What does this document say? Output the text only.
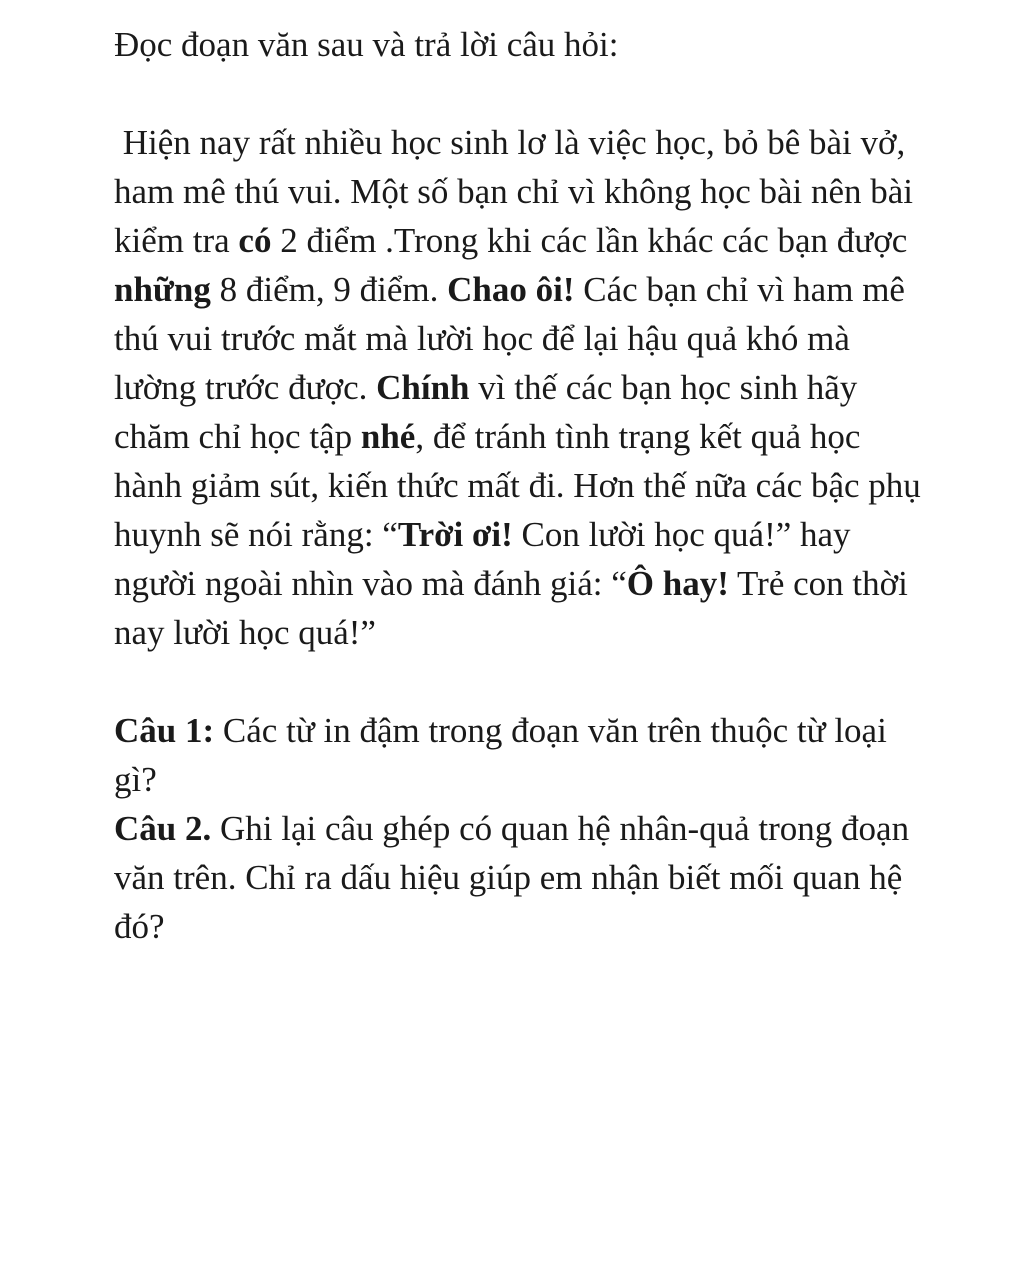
Đọc đoạn văn sau và trả lời câu hỏi:

Hiện nay rất nhiều học sinh lơ là việc học, bỏ bê bài vở, ham mê thú vui. Một số bạn chỉ vì không học bài nên bài kiểm tra có 2 điểm .Trong khi các lần khác các bạn được những 8 điểm, 9 điểm. Chao ôi! Các bạn chỉ vì ham mê thú vui trước mắt mà lười học để lại hậu quả khó mà lường trước được. Chính vì thế các bạn học sinh hãy chăm chỉ học tập nhé, để tránh tình trạng kết quả học hành giảm sút, kiến thức mất đi. Hơn thế nữa các bậc phụ huynh sẽ nói rằng: “Trời ơi! Con lười học quá!” hay người ngoài nhìn vào mà đánh giá: “Ô hay! Trẻ con thời nay lười học quá!”

Câu 1: Các từ in đậm trong đoạn văn trên thuộc từ loại gì?

Câu 2. Ghi lại câu ghép có quan hệ nhân-quả trong đoạn văn trên. Chỉ ra dấu hiệu giúp em nhận biết mối quan hệ đó?
